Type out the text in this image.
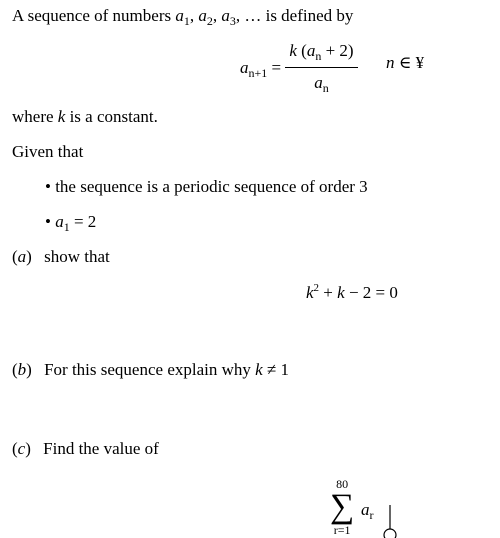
A sequence of numbers $a_1$, $a_2$, $a_3$, … is defined by
$a_{n+1} = \frac{k (a_n + 2)}{a_n}$ n ∈ ¥
where k is a constant.
Given that
• the sequence is a periodic sequence of order 3
• $a_1 = 2$
(a) show that
$k^2 + k - 2 = 0$
(b) For this sequence explain why k ≠ 1
(c) Find the value of
80
∑
r=1
$a_r$
